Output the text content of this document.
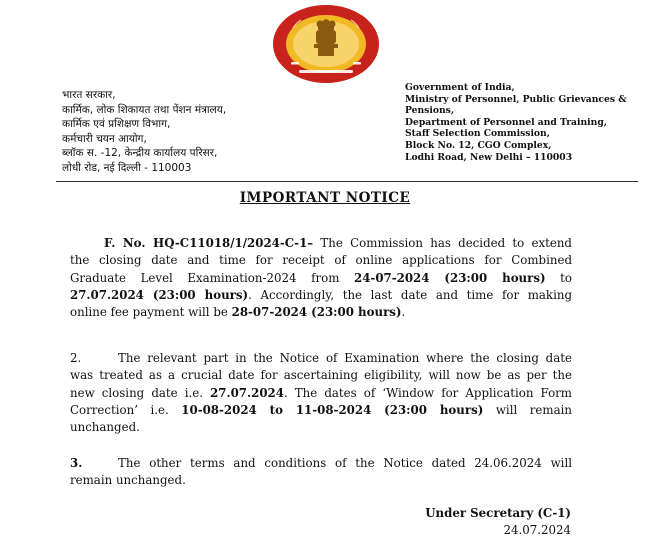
भारत सरकार,
कार्मिक, लोक शिकायत तथा पेंशन मंत्रालय,
कार्मिक एवं प्रशिक्षण विभाग,
कर्मचारी चयन आयोग,
ब्लॉक स. -12, केन्द्रीय कार्यालय परिसर,
लोधी रोड, नई दिल्ली - 110003
Government of India,
Ministry of Personnel, Public Grievances &
Pensions,
Department of Personnel and Training,
Staff Selection Commission,
Block No. 12, CGO Complex,
Lodhi Road, New Delhi – 110003
IMPORTANT NOTICE
F. No. HQ-C11018/1/2024-C-1– The Commission has decided to extend
the closing date and time for receipt of online applications for Combined
Graduate Level Examination-2024 from 24-07-2024 (23:00 hours) to
27.07.2024 (23:00 hours). Accordingly, the last date and time for making
online fee payment will be 28-07-2024 (23:00 hours).
2.	The relevant part in the Notice of Examination where the closing date
was treated as a crucial date for ascertaining eligibility, will now be as per the
new closing date i.e. 27.07.2024. The dates of ‘Window for Application Form
Correction’ i.e. 10-08-2024 to 11-08-2024 (23:00 hours) will remain
unchanged.
3.	The other terms and conditions of the Notice dated 24.06.2024 will
remain unchanged.
Under Secretary (C-1)
24.07.2024
